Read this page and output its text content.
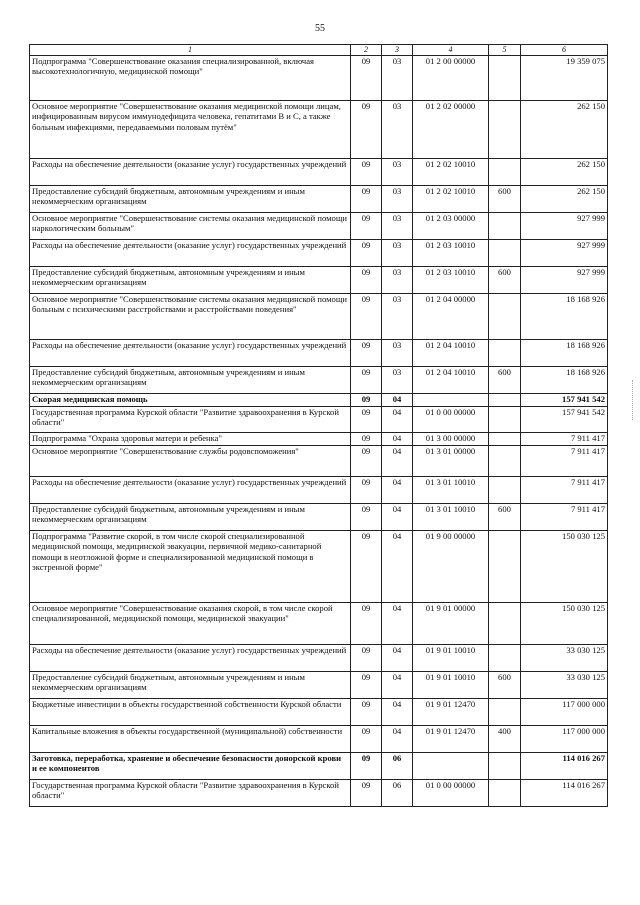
55
1	2	3	4	5	6
Подпрограмма "Совершенствование оказания специализированной, включая высокотехнологичную, медицинской помощи"	09	03	01 2 00 00000		19 359 075
Основное мероприятие "Совершенствование оказания медицинской помощи лицам, инфицированным вирусом иммунодефицита человека, гепатитами В и С, а также больным инфекциями, передаваемыми половым путём"	09	03	01 2 02 00000		262 150
Расходы на обеспечение деятельности (оказание услуг) государственных учреждений	09	03	01 2 02 10010		262 150
Предоставление субсидий бюджетным, автономным учреждениям и иным некоммерческим организациям	09	03	01 2 02 10010	600	262 150
Основное мероприятие "Совершенствование системы оказания медицинской помощи наркологическим больным"	09	03	01 2 03 00000		927 999
Расходы на обеспечение деятельности (оказание услуг) государственных учреждений	09	03	01 2 03 10010		927 999
Предоставление субсидий бюджетным, автономным учреждениям и иным некоммерческим организациям	09	03	01 2 03 10010	600	927 999
Основное мероприятие "Совершенствование системы оказания медицинской помощи больным с психическими расстройствами и расстройствами поведения"	09	03	01 2 04 00000		18 168 926
Расходы на обеспечение деятельности (оказание услуг) государственных учреждений	09	03	01 2 04 10010		18 168 926
Предоставление субсидий бюджетным, автономным учреждениям и иным некоммерческим организациям	09	03	01 2 04 10010	600	18 168 926
Скорая медицинская помощь	09	04			157 941 542
Государственная программа Курской области "Развитие здравоохранения в Курской области"	09	04	01 0 00 00000		157 941 542
Подпрограмма "Охрана здоровья матери и ребенка"	09	04	01 3 00 00000		7 911 417
Основное мероприятие "Совершенствование службы родовспоможения"	09	04	01 3 01 00000		7 911 417
Расходы на обеспечение деятельности (оказание услуг) государственных учреждений	09	04	01 3 01 10010		7 911 417
Предоставление субсидий бюджетным, автономным учреждениям и иным некоммерческим организациям	09	04	01 3 01 10010	600	7 911 417
Подпрограмма "Развитие скорой, в том числе скорой специализированной медицинской помощи, медицинской эвакуации, первичной медико-санитарной помощи в неотложной форме и специализированной медицинской помощи в экстренной форме"	09	04	01 9 00 00000		150 030 125
Основное мероприятие "Совершенствование оказания скорой, в том числе скорой специализированной, медицинской помощи, медицинской эвакуации"	09	04	01 9 01 00000		150 030 125
Расходы на обеспечение деятельности (оказание услуг) государственных учреждений	09	04	01 9 01 10010		33 030 125
Предоставление субсидий бюджетным, автономным учреждениям и иным некоммерческим организациям	09	04	01 9 01 10010	600	33 030 125
Бюджетные инвестиции в объекты государственной собственности Курской области	09	04	01 9 01 12470		117 000 000
Капитальные вложения в объекты государственной (муниципальной) собственности	09	04	01 9 01 12470	400	117 000 000
Заготовка, переработка, хранение и обеспечение безопасности донорской крови и ее компонентов	09	06			114 016 267
Государственная программа Курской области "Развитие здравоохранения в Курской области"	09	06	01 0 00 00000		114 016 267
